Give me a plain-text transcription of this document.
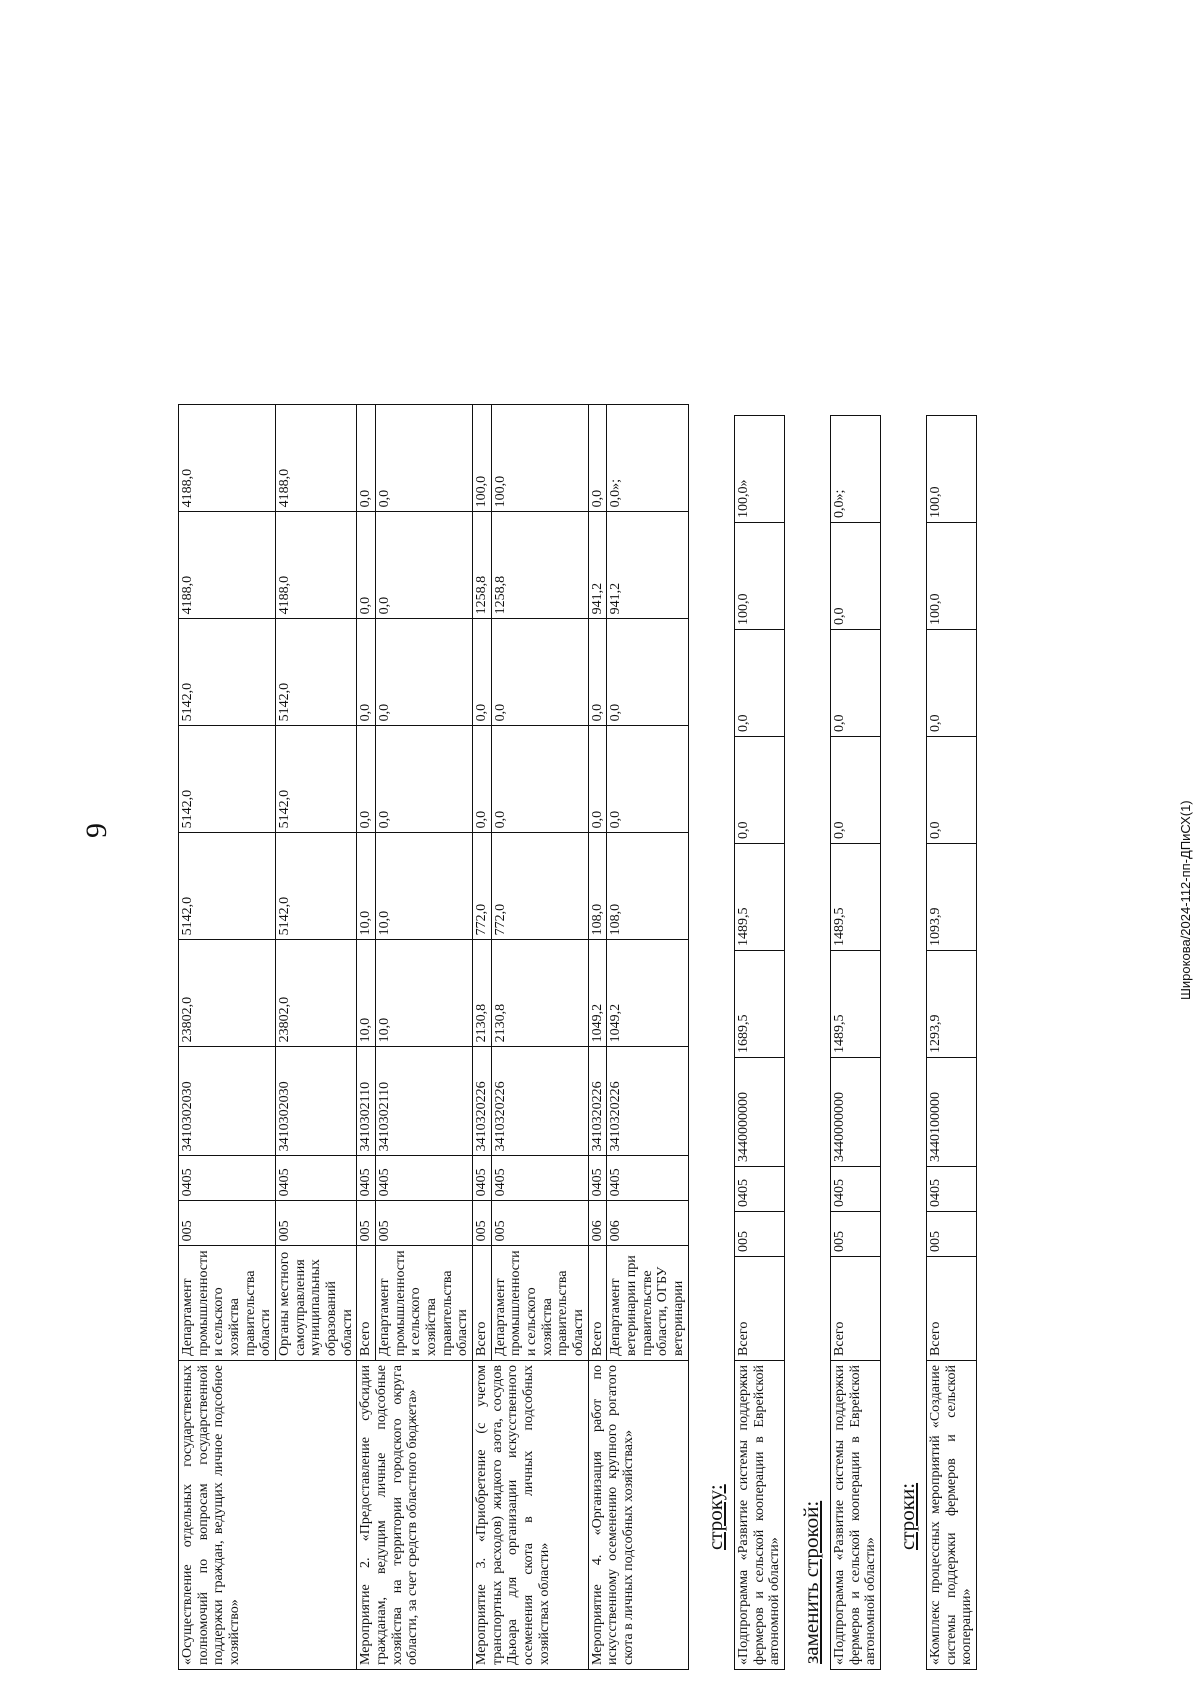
9	Широкова/2024-112-пп-ДПиСХ(1)
«Осуществление отдельных государственных полномочий по вопросам государственной поддержки граждан, ведущих личное подсобное хозяйство»	Департамент промышленности и сельского хозяйства правительства области	005	0405	3410302030	23802,0	5142,0	5142,0	5142,0	4188,0	4188,0
	Органы местного самоуправления муниципальных образований области	005	0405	3410302030	23802,0	5142,0	5142,0	5142,0	4188,0	4188,0
Мероприятие 2. «Предоставление субсидии гражданам, ведущим личные подсобные хозяйства на территории городского округа области, за счет средств областного бюджета»	Всего	005	0405	3410302110	10,0	10,0	0,0	0,0	0,0	0,0
	Департамент промышленности и сельского хозяйства правительства области	005	0405	3410302110	10,0	10,0	0,0	0,0	0,0	0,0
Мероприятие 3. «Приобретение (с учетом транспортных расходов) жидкого азота, сосудов Дьюара для организации искусственного осеменения скота в личных подсобных хозяйствах области»	Всего	005	0405	3410320226	2130,8	772,0	0,0	0,0	1258,8	100,0
	Департамент промышленности и сельского хозяйства правительства области	005	0405	3410320226	2130,8	772,0	0,0	0,0	1258,8	100,0
Мероприятие 4. «Организация работ по искусственному осеменению крупного рогатого скота в личных подсобных хозяйствах»	Всего	006	0405	3410320226	1049,2	108,0	0,0	0,0	941,2	0,0
	Департамент ветеринарии при правительстве области, ОГБУ ветеринарии	006	0405	3410320226	1049,2	108,0	0,0	0,0	941,2	0,0»;
строку: «Подпрограмма «Развитие системы поддержки фермеров и сельской кооперации в Еврейской автономной области»	Всего	005	0405	3440000000	1689,5	1489,5	0,0	0,0	100,0	100,0»
заменить строкой: «Подпрограмма «Развитие системы поддержки фермеров и сельской кооперации в Еврейской автономной области»	Всего	005	0405	3440000000	1489,5	1489,5	0,0	0,0	0,0	0,0»;
строки: «Комплекс процессных мероприятий «Создание системы поддержки фермеров и сельской кооперации»	Всего	005	0405	3440100000	1293,9	1093,9	0,0	0,0	100,0	100,0
